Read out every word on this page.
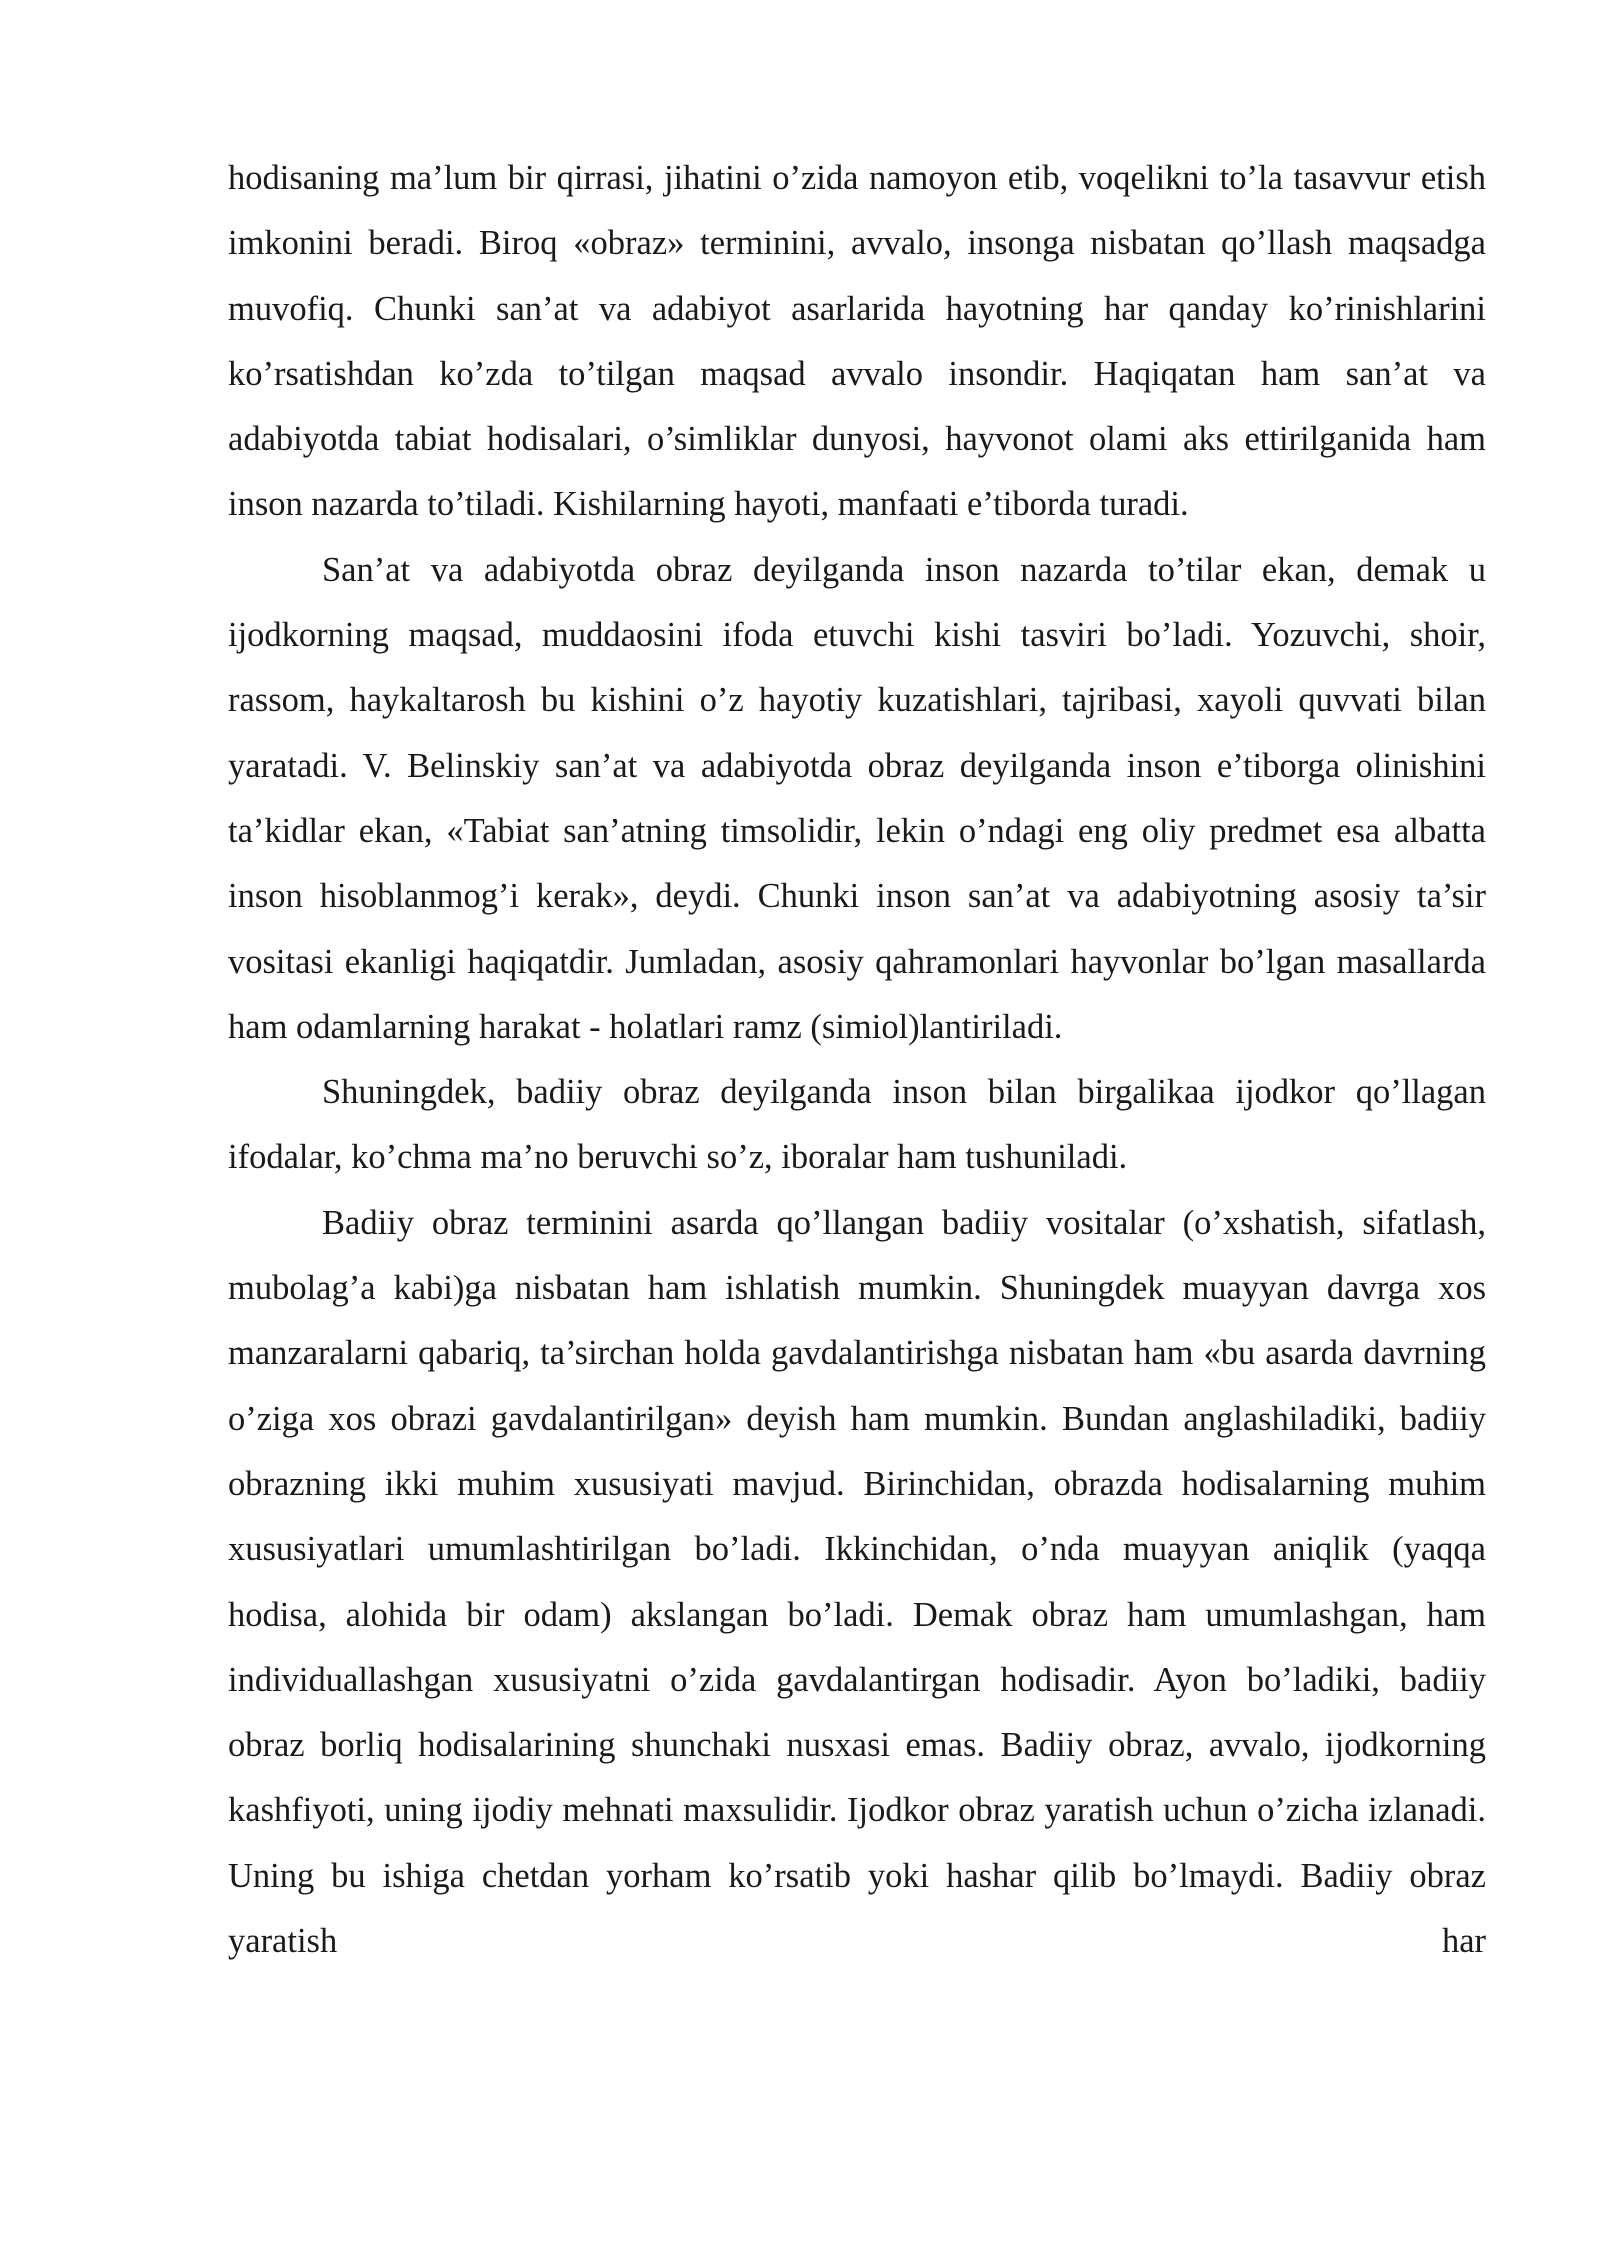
hodisaning ma’lum bir qirrasi, jihatini o’zida namoyon etib, voqelikni to’la tasavvur etish imkonini beradi. Biroq «obraz» terminini, avvalo, insonga nisbatan qo’llash maqsadga muvofiq. Chunki san’at va adabiyot asarlarida hayotning har qanday ko’rinishlarini ko’rsatishdan ko’zda to’tilgan maqsad avvalo insondir. Haqiqatan ham san’at va adabiyotda tabiat hodisalari, o’simliklar dunyosi, hayvonot olami aks ettirilganida ham inson nazarda to’tiladi. Kishilarning hayoti, manfaati e’tiborda turadi.

San’at va adabiyotda obraz deyilganda inson nazarda to’tilar ekan, demak u ijodkorning maqsad, muddaosini ifoda etuvchi kishi tasviri bo’ladi. Yozuvchi, shoir, rassom, haykaltarosh bu kishini o’z hayotiy kuzatishlari, tajribasi, xayoli quvvati bilan yaratadi. V. Belinskiy san’at va adabiyotda obraz deyilganda inson e’tiborga olinishini ta’kidlar ekan, «Tabiat san’atning timsolidir, lekin o’ndagi eng oliy predmet esa albatta inson hisoblanmog’i kerak», deydi. Chunki inson san’at va adabiyotning asosiy ta’sir vositasi ekanligi haqiqatdir. Jumladan, asosiy qahramonlari hayvonlar bo’lgan masallarda ham odamlarning harakat - holatlari ramz (simiol)lantiriladi.

Shuningdek, badiiy obraz deyilganda inson bilan birgalikaa ijodkor qo’llagan ifodalar, ko’chma ma’no beruvchi so’z, iboralar ham tushuniladi.

Badiiy obraz terminini asarda qo’llangan badiiy vositalar (o’xshatish, sifatlash, mubolag’a kabi)ga nisbatan ham ishlatish mumkin. Shuningdek muayyan davrga xos manzaralarni qabariq, ta’sirchan holda gavdalantirishga nisbatan ham «bu asarda davrning o’ziga xos obrazi gavdalantirilgan» deyish ham mumkin. Bundan anglashiladiki, badiiy obrazning ikki muhim xususiyati mavjud. Birinchidan, obrazda hodisalarning muhim xususiyatlari umumlashtirilgan bo’ladi. Ikkinchidan, o’nda muayyan aniqlik (yaqqa hodisa, alohida bir odam) akslangan bo’ladi. Demak obraz ham umumlashgan, ham individuallashgan xususiyatni o’zida gavdalantirgan hodisadir. Ayon bo’ladiki, badiiy obraz borliq hodisalarining shunchaki nusxasi emas. Badiiy obraz, avvalo, ijodkorning kashfiyoti, uning ijodiy mehnati maxsulidir. Ijodkor obraz yaratish uchun o’zicha izlanadi. Uning bu ishiga chetdan yorham ko’rsatib yoki hashar qilib bo’lmaydi. Badiiy obraz yaratish har
